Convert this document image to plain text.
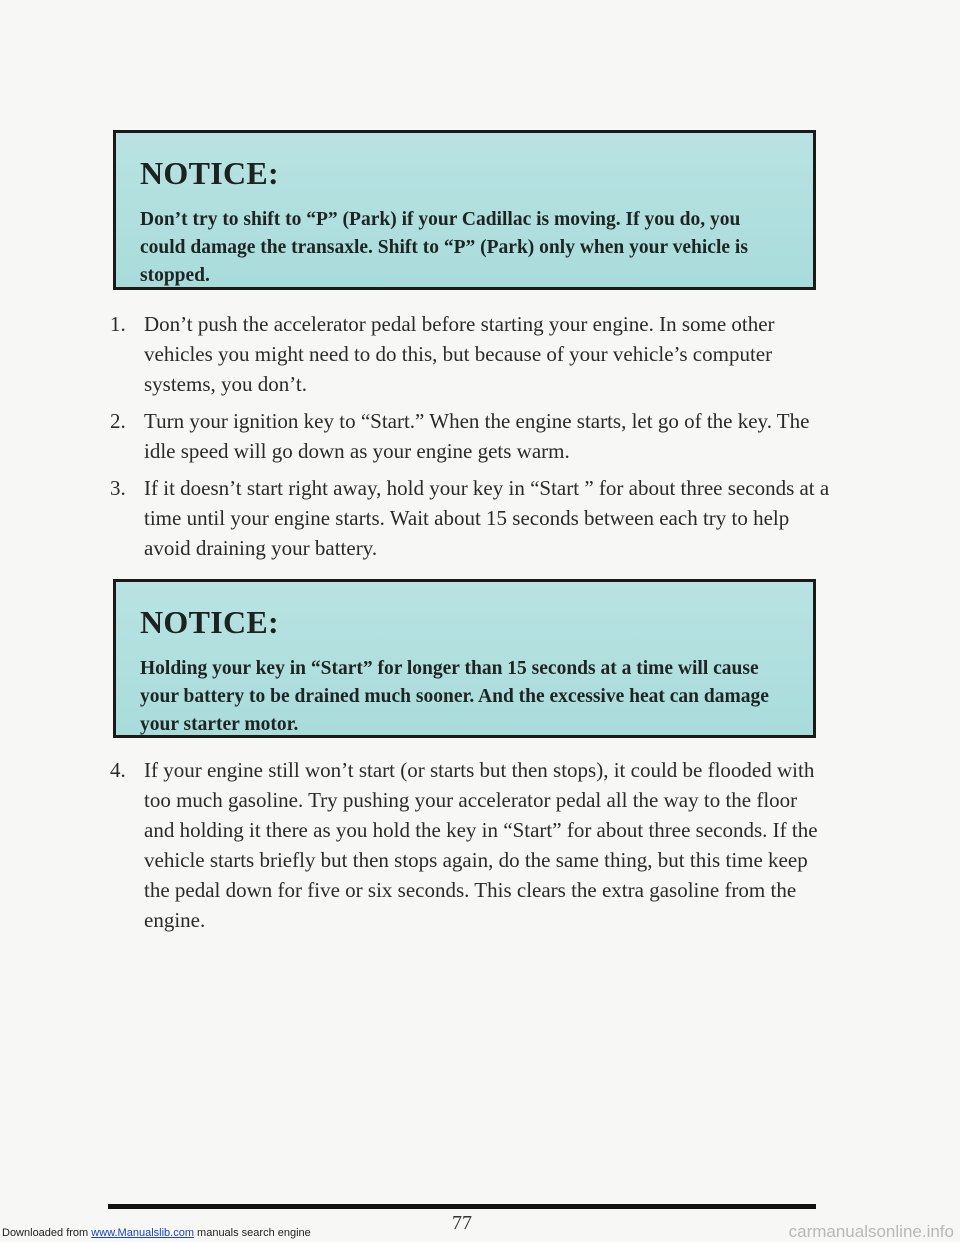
NOTICE:
Don’t try to shift to “P” (Park) if your Cadillac is moving. If you do, you could damage the transaxle. Shift to “P” (Park) only when your vehicle is stopped.
1. Don’t push the accelerator pedal before starting your engine. In some other vehicles you might need to do this, but because of your vehicle’s computer systems, you don’t.
2. Turn your ignition key to “Start.” When the engine starts, let go of the key. The idle speed will go down as your engine gets warm.
3. If it doesn’t start right away, hold your key in “Start ” for about three seconds at a time until your engine starts. Wait about 15 seconds between each try to help avoid draining your battery.
NOTICE:
Holding your key in “Start” for longer than 15 seconds at a time will cause your battery to be drained much sooner. And the excessive heat can damage your starter motor.
4. If your engine still won’t start (or starts but then stops), it could be flooded with too much gasoline. Try pushing your accelerator pedal all the way to the floor and holding it there as you hold the key in “Start” for about three seconds. If the vehicle starts briefly but then stops again, do the same thing, but this time keep the pedal down for five or six seconds. This clears the extra gasoline from the engine.
77
Downloaded from www.Manualslib.com manuals search engine	carmanualsonline.info
